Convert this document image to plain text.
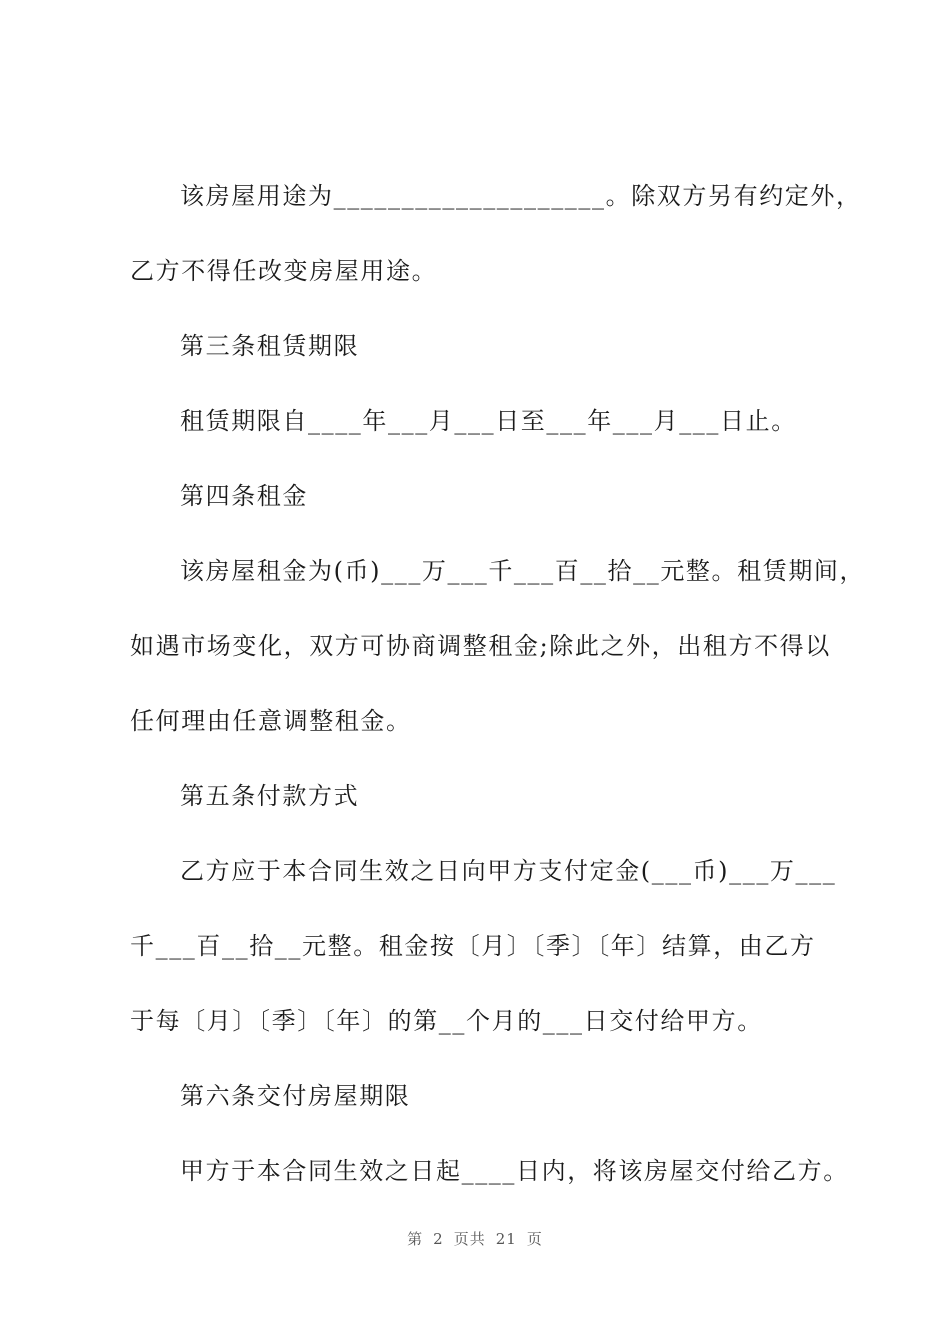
该房屋用途为____________________。除双方另有约定外，
乙方不得任改变房屋用途。
第三条租赁期限
租赁期限自____年___月___日至___年___月___日止。
第四条租金
该房屋租金为(币)___万___千___百__拾__元整。租赁期间，
如遇市场变化，双方可协商调整租金;除此之外，出租方不得以
任何理由任意调整租金。
第五条付款方式
乙方应于本合同生效之日向甲方支付定金(___币)___万___
千___百__拾__元整。租金按〔月〕〔季〕〔年〕结算，由乙方
于每〔月〕〔季〕〔年〕的第__个月的___日交付给甲方。
第六条交付房屋期限
甲方于本合同生效之日起____日内，将该房屋交付给乙方。
第 2 页共 21 页
